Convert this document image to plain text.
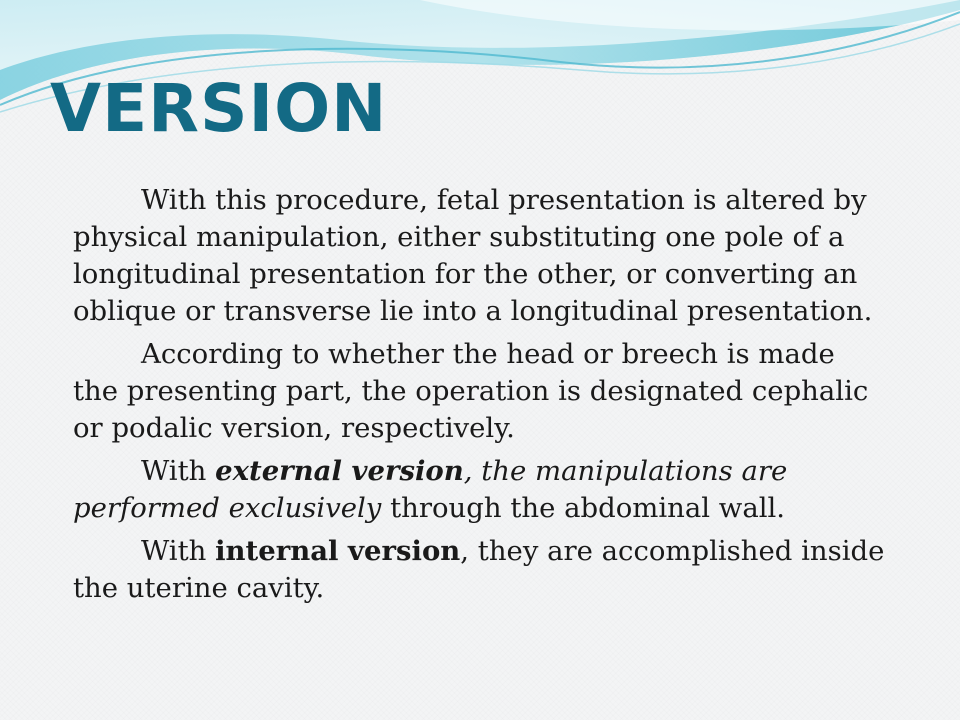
VERSION

With this procedure, fetal presentation is altered by physical manipulation, either substituting one pole of a longitudinal presentation for the other, or converting an oblique or transverse lie into a longitudinal presentation.

According to whether the head or breech is made the presenting part, the operation is designated cephalic or podalic version, respectively.

With external version, the manipulations are performed exclusively through the abdominal wall.

With internal version, they are accomplished inside the uterine cavity.
